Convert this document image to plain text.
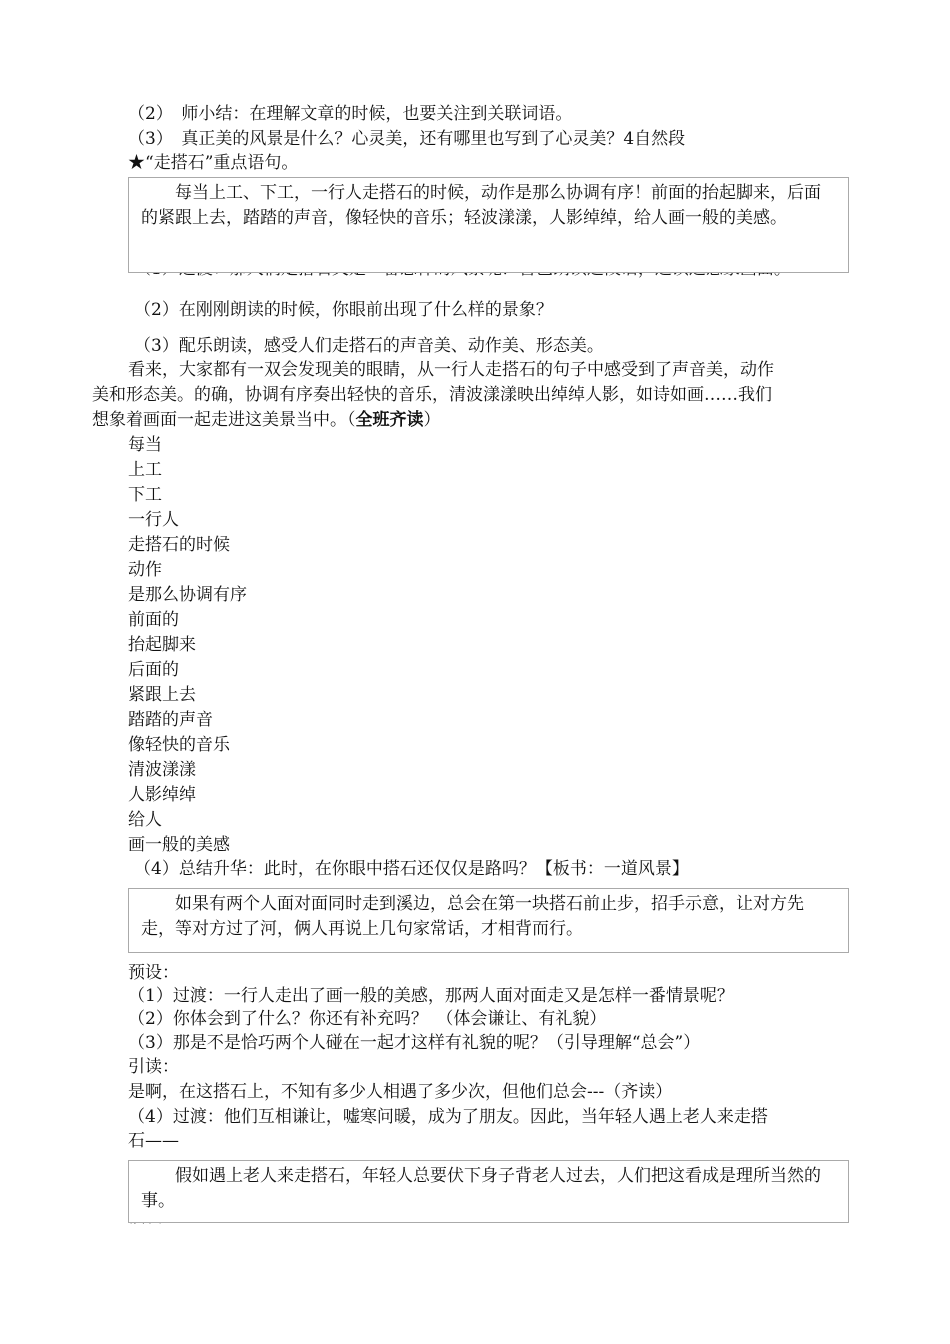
（2）　师小结：在理解文章的时候，也要关注到关联词语。
（3）　真正美的风景是什么？心灵美，还有哪里也写到了心灵美？4自然段
★“走搭石”重点语句。
每当上工、下工，一行人走搭石的时候，动作是那么协调有序！前面的抬起脚来，后面的紧跟上去，踏踏的声音，像轻快的音乐；轻波漾漾，人影绰绰，给人画一般的美感。
（2）在刚刚朗读的时候，你眼前出现了什么样的景象？
（3）配乐朗读，感受人们走搭石的声音美、动作美、形态美。
看来，大家都有一双会发现美的眼睛，从一行人走搭石的句子中感受到了声音美，动作
美和形态美。的确，协调有序奏出轻快的音乐，清波漾漾映出绰绰人影，如诗如画……我们
想象着画面一起走进这美景当中。（全班齐读）
每当
上工
下工
一行人
走搭石的时候
动作
是那么协调有序
前面的
抬起脚来
后面的
紧跟上去
踏踏的声音
像轻快的音乐
清波漾漾
人影绰绰
给人
画一般的美感
（4）总结升华：此时，在你眼中搭石还仅仅是路吗？【板书：一道风景】
如果有两个人面对面同时走到溪边，总会在第一块搭石前止步，招手示意，让对方先走，等对方过了河，俩人再说上几句家常话，才相背而行。
预设：
（1）过渡：一行人走出了画一般的美感，那两人面对面走又是怎样一番情景呢？
（2）你体会到了什么？你还有补充吗？　（体会谦让、有礼貌）
（3）那是不是恰巧两个人碰在一起才这样有礼貌的呢？（引导理解“总会”）
引读：
是啊，在这搭石上，不知有多少人相遇了多少次，但他们总会---（齐读）
（4）过渡：他们互相谦让，嘘寒问暖，成为了朋友。因此，当年轻人遇上老人来走搭
石——
假如遇上老人来走搭石，年轻人总要伏下身子背老人过去，人们把这看成是理所当然的事。
